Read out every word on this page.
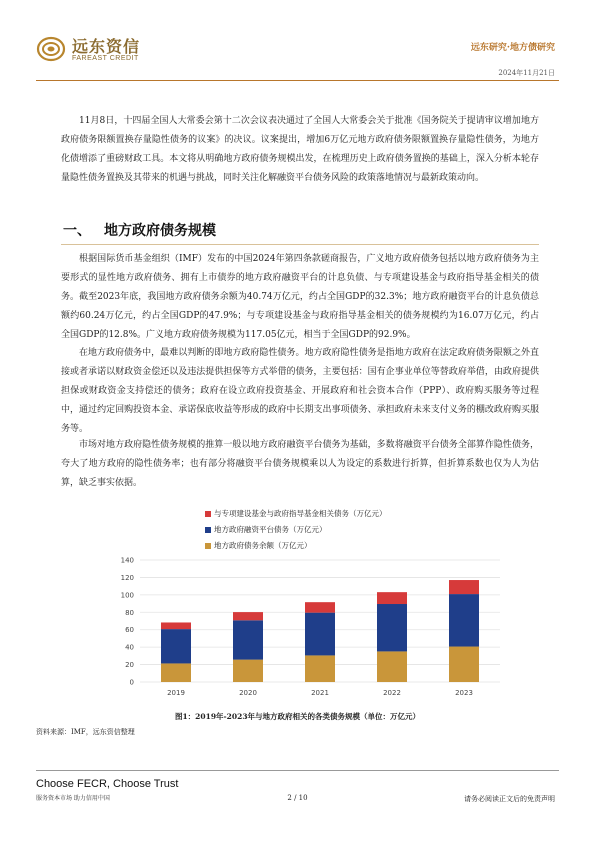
远东资信
FAREAST CREDIT
远东研究·地方债研究
2024年11月21日

11月8日，十四届全国人大常委会第十二次会议表决通过了全国人大常委会关于批准《国务院关于提请审议增加地方政府债务限额置换存量隐性债务的议案》的决议。议案提出，增加6万亿元地方政府债务限额置换存量隐性债务，为地方化债增添了重磅财政工具。本文将从明确地方政府债务规模出发，在梳理历史上政府债务置换的基础上，深入分析本轮存量隐性债务置换及其带来的机遇与挑战，同时关注化解融资平台债务风险的政策落地情况与最新政策动向。

一、 地方政府债务规模

根据国际货币基金组织（IMF）发布的中国2024年第四条款磋商报告，广义地方政府债务包括以地方政府债务为主要形式的显性地方政府债务、拥有上市债券的地方政府融资平台的计息负债、与专项建设基金与政府指导基金相关的债务。截至2023年底，我国地方政府债务余额为40.74万亿元，约占全国GDP的32.3%；地方政府融资平台的计息负债总额约60.24万亿元，约占全国GDP的47.9%；与专项建设基金与政府指导基金相关的债务规模约为16.07万亿元，约占全国GDP的12.8%。广义地方政府债务规模为117.05亿元，相当于全国GDP的92.9%。

在地方政府债务中，最难以判断的即地方政府隐性债务。地方政府隐性债务是指地方政府在法定政府债务限额之外直接或者承诺以财政资金偿还以及违法提供担保等方式举借的债务，主要包括：国有企事业单位等替政府举借，由政府提供担保或财政资金支持偿还的债务；政府在设立政府投资基金、开展政府和社会资本合作（PPP）、政府购买服务等过程中，通过约定回购投资本金、承诺保底收益等形成的政府中长期支出事项债务、承担政府未来支付义务的棚改政府购买服务等。

市场对地方政府隐性债务规模的推算一般以地方政府融资平台债务为基础，多数将融资平台债务全部算作隐性债务，夸大了地方政府的隐性债务率；也有部分将融资平台债务规模乘以人为设定的系数进行折算，但折算系数也仅为人为估算，缺乏事实依据。

与专项建设基金与政府指导基金相关债务（万亿元）
地方政府融资平台债务（万亿元）
地方政府债务余额（万亿元）
0
20
40
60
80
100
120
140
2019	2020	2021	2022	2023
图1：2019年-2023年与地方政府相关的各类债务规模（单位：万亿元）
资料来源：IMF，远东资信整理
Choose FECR, Choose Trust
服务资本市场 助力信用中国	2 / 10	请务必阅读正文后的免责声明
